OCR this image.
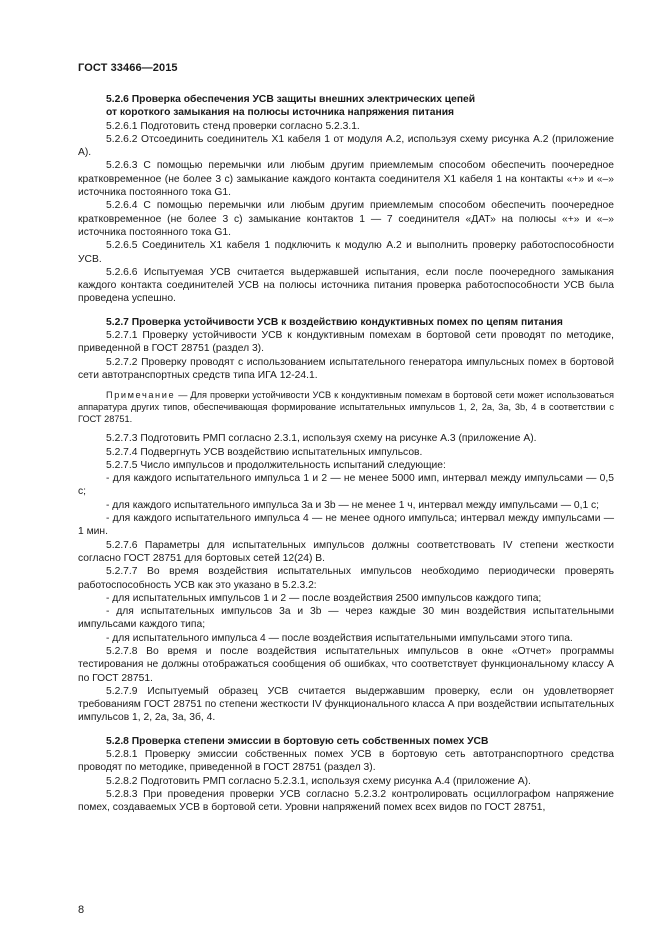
ГОСТ 33466—2015

5.2.6 Проверка обеспечения УСВ защиты внешних электрических цепей

от короткого замыкания на полюсы источника напряжения питания

5.2.6.1 Подготовить стенд проверки согласно 5.2.3.1.

5.2.6.2 Отсоединить соединитель X1 кабеля 1 от модуля А.2, используя схему рисунка А.2 (приложение А).

5.2.6.3 С помощью перемычки или любым другим приемлемым способом обеспечить поочередное кратковременное (не более 3 с) замыкание каждого контакта соединителя X1 кабеля 1 на контакты «+» и «–» источника постоянного тока G1.

5.2.6.4 С помощью перемычки или любым другим приемлемым способом обеспечить поочередное кратковременное (не более 3 с) замыкание контактов 1 — 7 соединителя «ДАТ» на полюсы «+» и «–» источника постоянного тока G1.

5.2.6.5 Соединитель X1 кабеля 1 подключить к модулю А.2 и выполнить проверку работоспособности УСВ.

5.2.6.6 Испытуемая УСВ считается выдержавшей испытания, если после поочередного замыкания каждого контакта соединителей УСВ на полюсы источника питания проверка работоспособности УСВ была проведена успешно.

5.2.7 Проверка устойчивости УСВ к воздействию кондуктивных помех по цепям питания

5.2.7.1 Проверку устойчивости УСВ к кондуктивным помехам в бортовой сети проводят по методике, приведенной в ГОСТ 28751 (раздел 3).

5.2.7.2 Проверку проводят с использованием испытательного генератора импульсных помех в бортовой сети автотранспортных средств типа ИГА 12-24.1.

Примечание — Для проверки устойчивости УСВ к кондуктивным помехам в бортовой сети может использоваться аппаратура других типов, обеспечивающая формирование испытательных импульсов 1, 2, 2а, 3а, 3b, 4 в соответствии с ГОСТ 28751.

5.2.7.3 Подготовить РМП согласно 2.3.1, используя схему на рисунке А.3 (приложение А).

5.2.7.4 Подвергнуть УСВ воздействию испытательных импульсов.

5.2.7.5 Число импульсов и продолжительность испытаний следующие:

- для каждого испытательного импульса 1 и 2 — не менее 5000 имп, интервал между импульсами — 0,5 с;

- для каждого испытательного импульса 3а и 3b — не менее 1 ч, интервал между импульсами — 0,1 с;

- для каждого испытательного импульса 4 — не менее одного импульса; интервал между импульсами — 1 мин.

5.2.7.6 Параметры для испытательных импульсов должны соответствовать IV степени жесткости согласно ГОСТ 28751 для бортовых сетей 12(24) В.

5.2.7.7 Во время воздействия испытательных импульсов необходимо периодически проверять работоспособность УСВ как это указано в 5.2.3.2:

- для испытательных импульсов 1 и 2 — после воздействия 2500 импульсов каждого типа;

- для испытательных импульсов 3а и 3b — через каждые 30 мин воздействия испытательными импульсами каждого типа;

- для испытательного импульса 4 — после воздействия испытательными импульсами этого типа.

5.2.7.8 Во время и после воздействия испытательных импульсов в окне «Отчет» программы тестирования не должны отображаться сообщения об ошибках, что соответствует функциональному классу А по ГОСТ 28751.

5.2.7.9 Испытуемый образец УСВ считается выдержавшим проверку, если он удовлетворяет требованиям ГОСТ 28751 по степени жесткости IV функционального класса А при воздействии испытательных импульсов 1, 2, 2а, 3а, 3б, 4.

5.2.8 Проверка степени эмиссии в бортовую сеть собственных помех УСВ

5.2.8.1 Проверку эмиссии собственных помех УСВ в бортовую сеть автотранспортного средства проводят по методике, приведенной в ГОСТ 28751 (раздел 3).

5.2.8.2 Подготовить РМП согласно 5.2.3.1, используя схему рисунка А.4 (приложение А).

5.2.8.3 При проведения проверки УСВ согласно 5.2.3.2 контролировать осциллографом напряжение помех, создаваемых УСВ в бортовой сети. Уровни напряжений помех всех видов по ГОСТ 28751,

8
